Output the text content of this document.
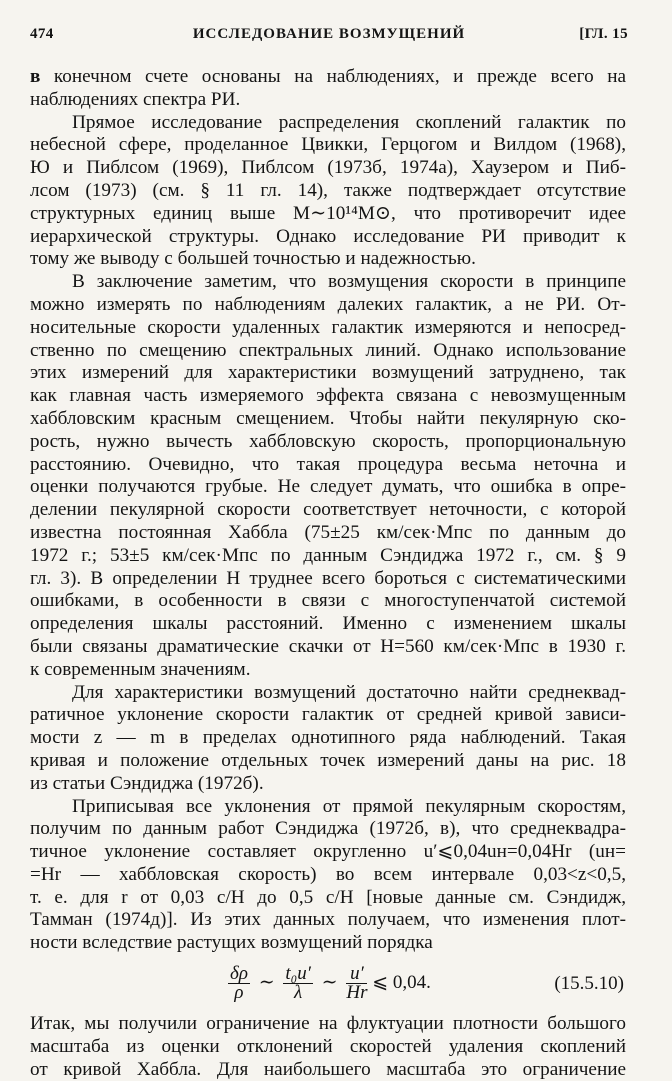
474	ИССЛЕДОВАНИЕ ВОЗМУЩЕНИЙ	[ГЛ. 15
в конечном счете основаны на наблюдениях, и прежде всего на
наблюдениях спектра РИ.
Прямое исследование распределения скоплений галактик по
небесной сфере, проделанное Цвикки, Герцогом и Вилдом (1968),
Ю и Пиблсом (1969), Пиблсом (1973б, 1974а), Хаузером и Пиб-
лсом (1973) (см. § 11 гл. 14), также подтверждает отсутствие
структурных единиц выше M∼10¹⁴M⊙, что противоречит идее
иерархической структуры. Однако исследование РИ приводит к
тому же выводу с большей точностью и надежностью.
В заключение заметим, что возмущения скорости в принципе
можно измерять по наблюдениям далеких галактик, а не РИ. От-
носительные скорости удаленных галактик измеряются и непосред-
ственно по смещению спектральных линий. Однако использование
этих измерений для характеристики возмущений затруднено, так
как главная часть измеряемого эффекта связана с невозмущенным
хаббловским красным смещением. Чтобы найти пекулярную ско-
рость, нужно вычесть хаббловскую скорость, пропорциональную
расстоянию. Очевидно, что такая процедура весьма неточна и
оценки получаются грубые. Не следует думать, что ошибка в опре-
делении пекулярной скорости соответствует неточности, с которой
известна постоянная Хаббла (75±25 км/сек·Мпс по данным до
1972 г.; 53±5 км/сек·Мпс по данным Сэндиджа 1972 г., см. § 9
гл. 3). В определении H труднее всего бороться с систематическими
ошибками, в особенности в связи с многоступенчатой системой
определения шкалы расстояний. Именно с изменением шкалы
были связаны драматические скачки от H=560 км/сек·Мпс в 1930 г.
к современным значениям.
Для характеристики возмущений достаточно найти среднеквад-
ратичное уклонение скорости галактик от средней кривой зависи-
мости z — m в пределах однотипного ряда наблюдений. Такая
кривая и положение отдельных точек измерений даны на рис. 18
из статьи Сэндиджа (1972б).
Приписывая все уклонения от прямой пекулярным скоростям,
получим по данным работ Сэндиджа (1972б, в), что среднеквадра-
тичное уклонение составляет округленно u′⩽0,04uн=0,04Hr (uн=
=Hr — хаббловская скорость) во всем интервале 0,03<z<0,5,
т. е. для r от 0,03 c/H до 0,5 c/H [новые данные см. Сэндидж,
Тамман (1974д)]. Из этих данных получаем, что изменения плот-
ности вследствие растущих возмущений порядка
$\frac{\delta\rho}{\rho}$ ∼ $\frac{\text{t₀u′}}{\lambda}$ ∼ $\frac{u'}{Hr}$ ⩽ 0,04.	(15.5.10)
Итак, мы получили ограничение на флуктуации плотности большого
масштаба из оценки отклонений скоростей удаления скоплений
от кривой Хаббла. Для наибольшего масштаба это ограничение
